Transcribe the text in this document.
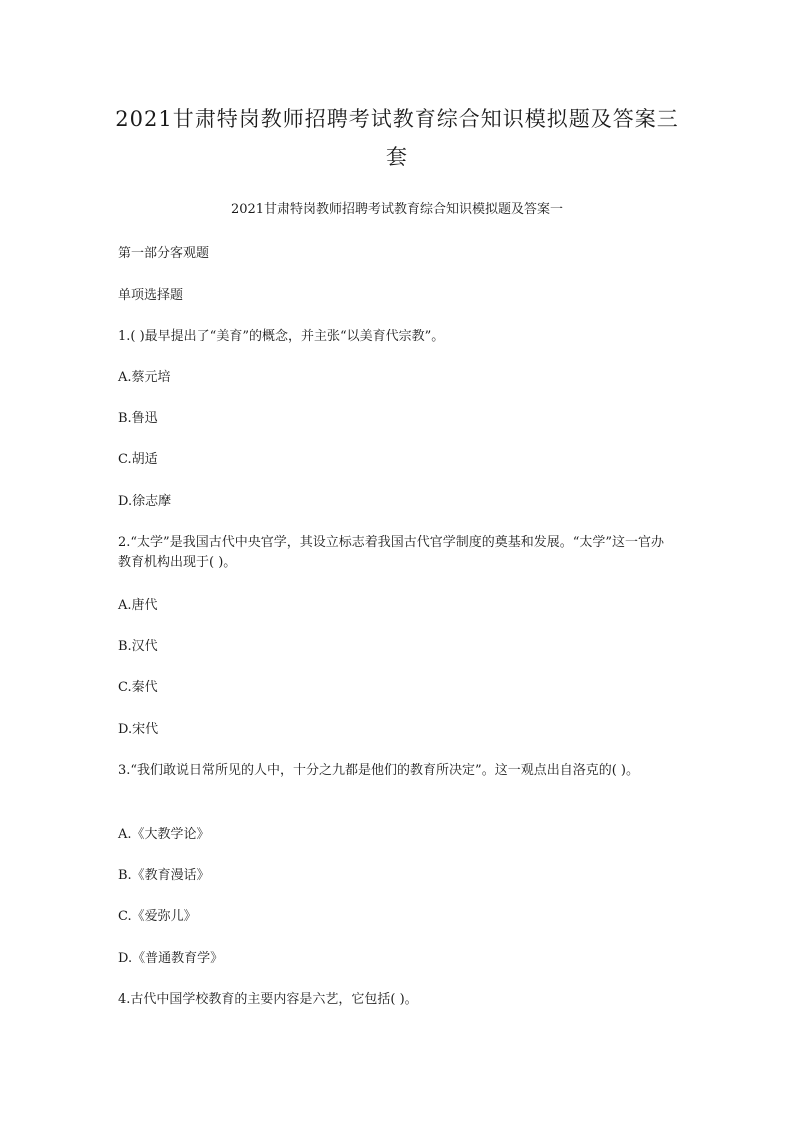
2021甘肃特岗教师招聘考试教育综合知识模拟题及答案三套

2021甘肃特岗教师招聘考试教育综合知识模拟题及答案一

第一部分客观题

单项选择题

1.( )最早提出了“美育”的概念，并主张“以美育代宗教”。

A.蔡元培

B.鲁迅

C.胡适

D.徐志摩

2.“太学”是我国古代中央官学，其设立标志着我国古代官学制度的奠基和发展。“太学”这一官办教育机构出现于( )。

A.唐代

B.汉代

C.秦代

D.宋代

3.“我们敢说日常所见的人中，十分之九都是他们的教育所决定”。这一观点出自洛克的( )。

A.《大教学论》

B.《教育漫话》

C.《爱弥儿》

D.《普通教育学》

4.古代中国学校教育的主要内容是六艺，它包括( )。
